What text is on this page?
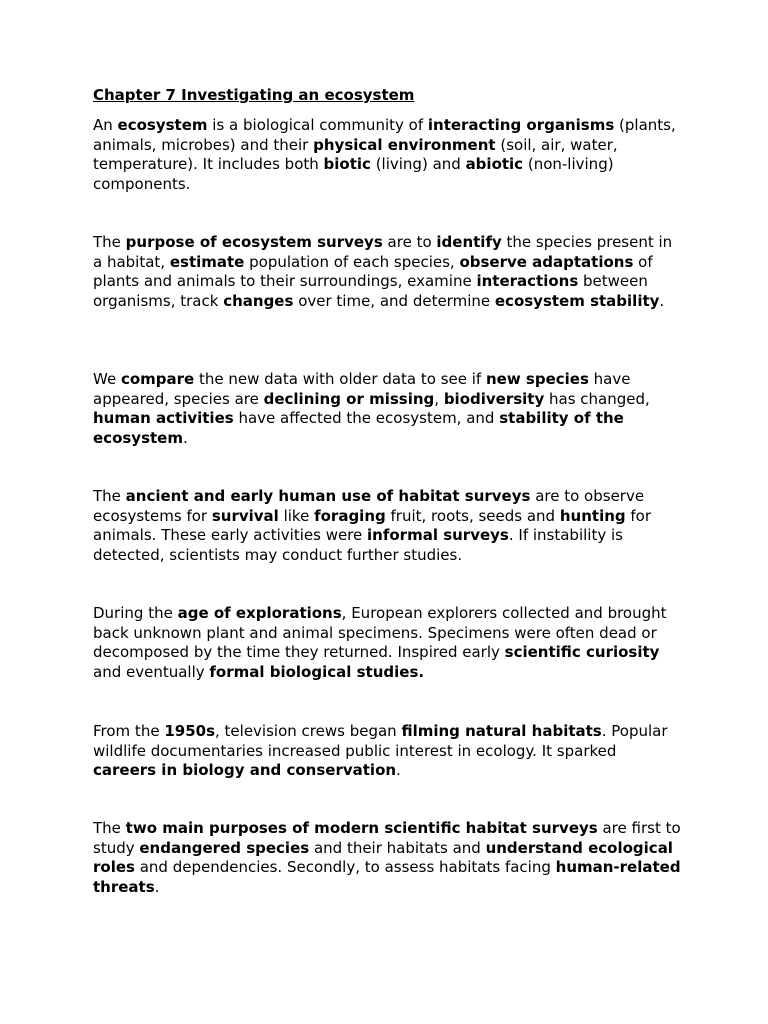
Chapter 7 Investigating an ecosystem

An ecosystem is a biological community of interacting organisms (plants, animals, microbes) and their physical environment (soil, air, water, temperature). It includes both biotic (living) and abiotic (non-living) components.

The purpose of ecosystem surveys are to identify the species present in a habitat, estimate population of each species, observe adaptations of plants and animals to their surroundings, examine interactions between organisms, track changes over time, and determine ecosystem stability.

We compare the new data with older data to see if new species have appeared, species are declining or missing, biodiversity has changed, human activities have affected the ecosystem, and stability of the ecosystem.

The ancient and early human use of habitat surveys are to observe ecosystems for survival like foraging fruit, roots, seeds and hunting for animals. These early activities were informal surveys. If instability is detected, scientists may conduct further studies.

During the age of explorations, European explorers collected and brought back unknown plant and animal specimens. Specimens were often dead or decomposed by the time they returned. Inspired early scientific curiosity and eventually formal biological studies.

From the 1950s, television crews began filming natural habitats. Popular wildlife documentaries increased public interest in ecology. It sparked careers in biology and conservation.

The two main purposes of modern scientific habitat surveys are first to study endangered species and their habitats and understand ecological roles and dependencies. Secondly, to assess habitats facing human-related threats.
